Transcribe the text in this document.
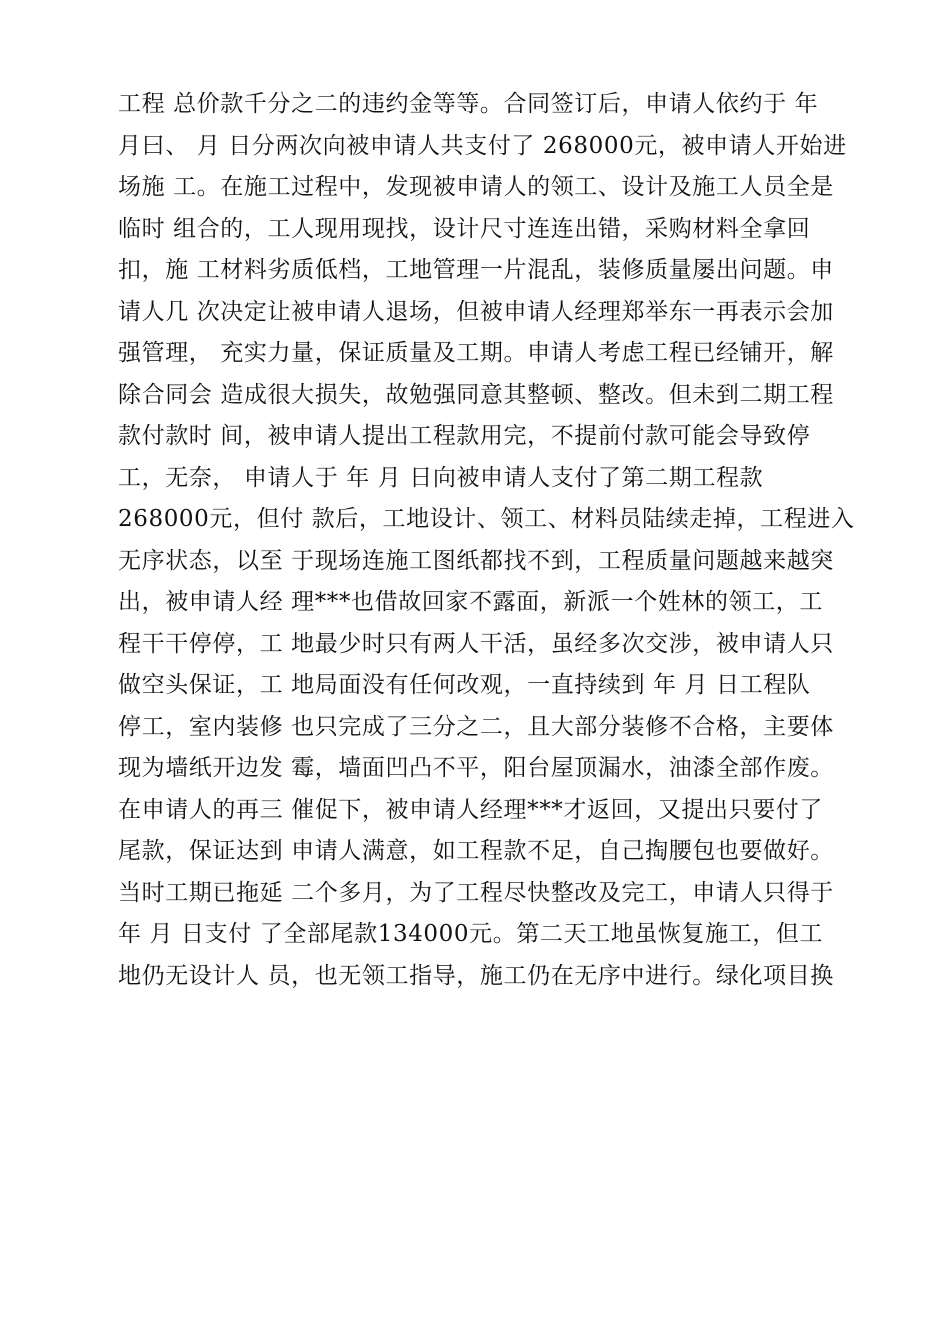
工程 总价款千分之二的违约金等等。合同签订后，申请人依约于 年
月曰、 月 日分两次向被申请人共支付了 268000元，被申请人开始进
场施 工。在施工过程中，发现被申请人的领工、设计及施工人员全是
临时 组合的，工人现用现找，设计尺寸连连出错，采购材料全拿回
扣，施 工材料劣质低档，工地管理一片混乱，装修质量屡出问题。申
请人几 次决定让被申请人退场，但被申请人经理郑举东一再表示会加
强管理， 充实力量，保证质量及工期。申请人考虑工程已经铺开，解
除合同会 造成很大损失，故勉强同意其整顿、整改。但未到二期工程
款付款时 间，被申请人提出工程款用完，不提前付款可能会导致停
工，无奈， 申请人于 年 月 日向被申请人支付了第二期工程款
268000元，但付 款后，工地设计、领工、材料员陆续走掉，工程进入
无序状态，以至 于现场连施工图纸都找不到，工程质量问题越来越突
出，被申请人经 理***也借故回家不露面，新派一个姓林的领工，工
程干干停停，工 地最少时只有两人干活，虽经多次交涉，被申请人只
做空头保证，工 地局面没有任何改观，一直持续到 年 月 日工程队
停工，室内装修 也只完成了三分之二，且大部分装修不合格，主要体
现为墙纸开边发 霉，墙面凹凸不平，阳台屋顶漏水，油漆全部作废。
在申请人的再三 催促下，被申请人经理***才返回，又提出只要付了
尾款，保证达到 申请人满意，如工程款不足，自己掏腰包也要做好。
当时工期已拖延 二个多月，为了工程尽快整改及完工，申请人只得于
年 月 日支付 了全部尾款134000元。第二天工地虽恢复施工，但工
地仍无设计人 员，也无领工指导，施工仍在无序中进行。绿化项目换
